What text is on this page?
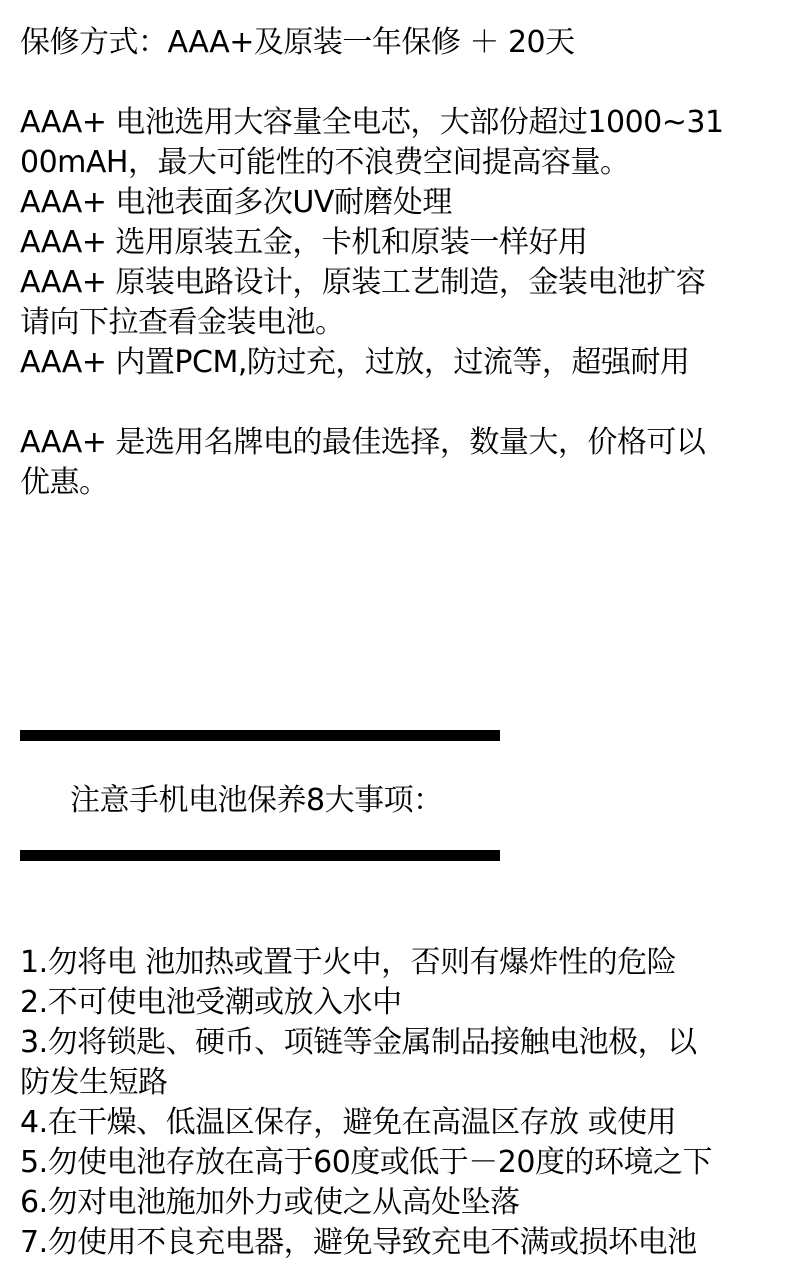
保修方式：AAA+及原装一年保修 ＋ 20天
AAA+ 电池选用大容量全电芯，大部份超过1000~31
00mAH，最大可能性的不浪费空间提高容量。
AAA+ 电池表面多次UV耐磨处理
AAA+ 选用原装五金，卡机和原装一样好用
AAA+ 原装电路设计，原装工艺制造，金装电池扩容
请向下拉查看金装电池。
AAA+ 内置PCM,防过充，过放，过流等，超强耐用
AAA+ 是选用名牌电的最佳选择，数量大，价格可以
优惠。
注意手机电池保养8大事项：
1.勿将电 池加热或置于火中，否则有爆炸性的危险
2.不可使电池受潮或放入水中
3.勿将锁匙、硬币、项链等金属制品接触电池极，以
防发生短路
4.在干燥、低温区保存，避免在高温区存放 或使用
5.勿使电池存放在高于60度或低于－20度的环境之下
6.勿对电池施加外力或使之从高处坠落
7.勿使用不良充电器，避免导致充电不满或损坏电池
